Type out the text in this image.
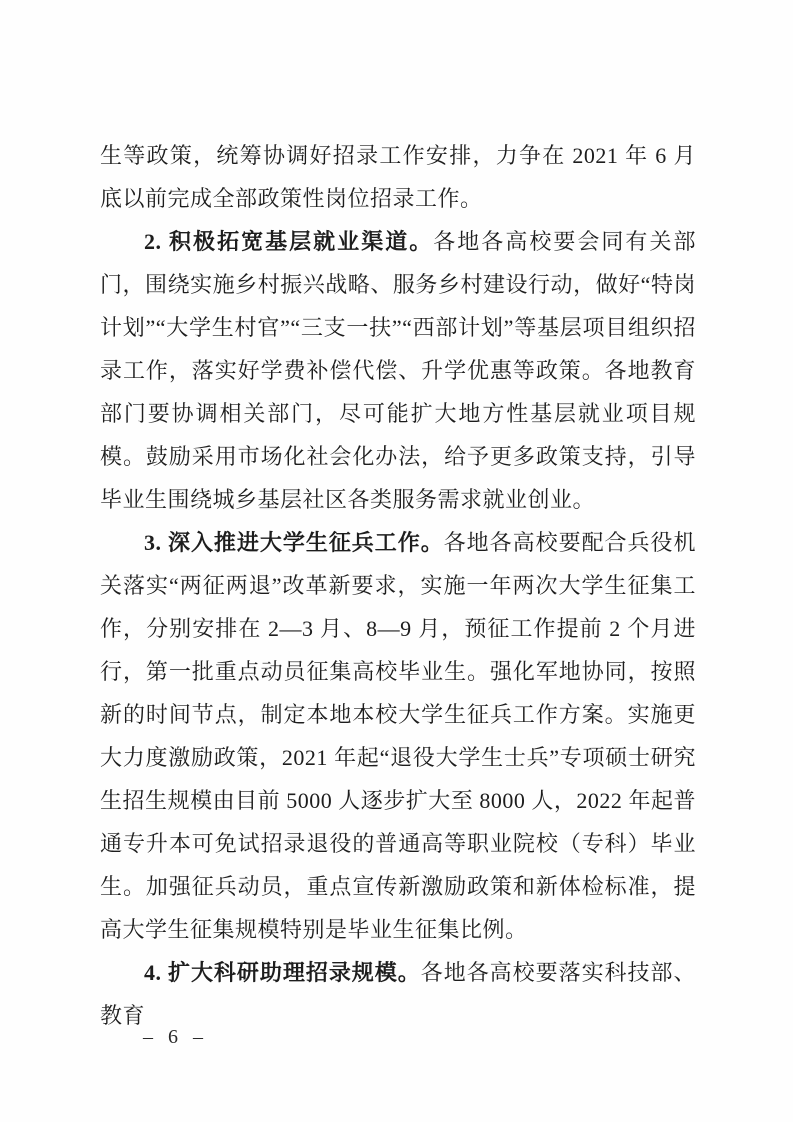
生等政策，统筹协调好招录工作安排，力争在 2021 年 6 月底以前完成全部政策性岗位招录工作。

2. 积极拓宽基层就业渠道。各地各高校要会同有关部门，围绕实施乡村振兴战略、服务乡村建设行动，做好“特岗计划”“大学生村官”“三支一扶”“西部计划”等基层项目组织招录工作，落实好学费补偿代偿、升学优惠等政策。各地教育部门要协调相关部门，尽可能扩大地方性基层就业项目规模。鼓励采用市场化社会化办法，给予更多政策支持，引导毕业生围绕城乡基层社区各类服务需求就业创业。

3. 深入推进大学生征兵工作。各地各高校要配合兵役机关落实“两征两退”改革新要求，实施一年两次大学生征集工作，分别安排在 2—3 月、8—9 月，预征工作提前 2 个月进行，第一批重点动员征集高校毕业生。强化军地协同，按照新的时间节点，制定本地本校大学生征兵工作方案。实施更大力度激励政策，2021 年起“退役大学生士兵”专项硕士研究生招生规模由目前 5000 人逐步扩大至 8000 人，2022 年起普通专升本可免试招录退役的普通高等职业院校（专科）毕业生。加强征兵动员，重点宣传新激励政策和新体检标准，提高大学生征集规模特别是毕业生征集比例。

4. 扩大科研助理招录规模。各地各高校要落实科技部、教育

– 6 –
